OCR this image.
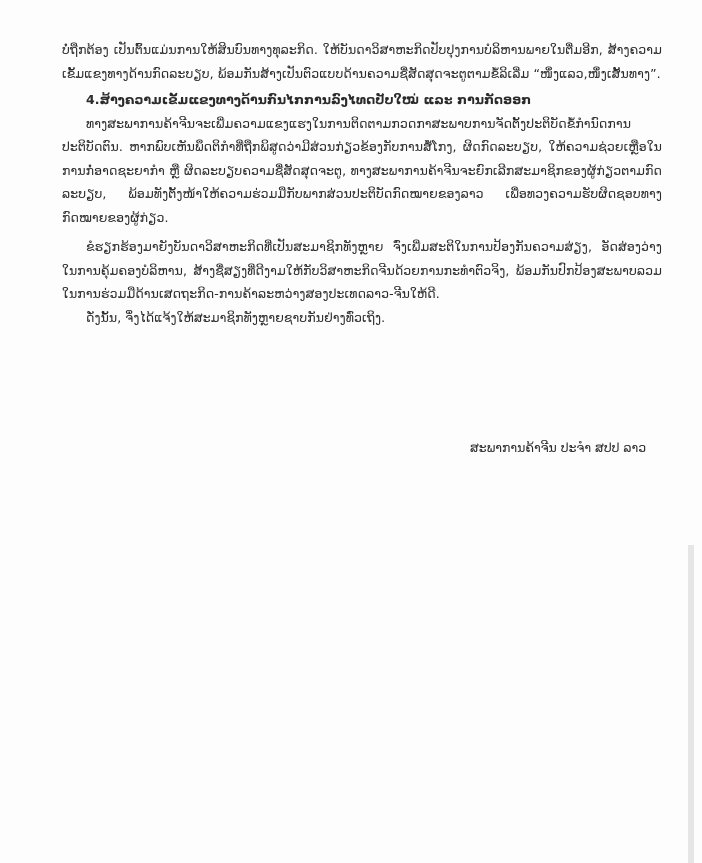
ບໍ່ຖືກຕ້ອງ ເປັນຕົ້ນແມ່ນການໃຫ້ສິນບົນທາງທຸລະກິດ. ໃຫ້ບັນດາວິສາຫະກິດປັບປຸງການບໍລິຫານພາຍໃນຕື່ມອີກ, ສ້າງຄວາມເຂັ້ມແຂງທາງດ້ານກົດລະບຽບ, ພ້ອມກັນສ້າງເປັນຕົວແບບດ້ານຄວາມຊື່ສັດສຸດຈະຕູຕາມຂໍ້ລິເລີ່ມ “ໜຶ່ງແລວ,ໜຶ່ງເສັ້ນທາງ”.

4.ສ້າງຄວາມເຂັ້ມແຂງທາງດ້ານກົນໄກການລົງໄທດປັບໃໝ່ ແລະ ການກັດອອກ

ທາງສະພາການຄ້າຈີນຈະເພີ່ມຄວາມແຂງແຮງໃນການຕິດຕາມກວດກາສະພາບການຈັດຕັ້ງປະຕິບັດຂໍ້ກຳນົດການປະຕິບັດຕົນ. ຫາກພົບເຫັນພຶດຕິກຳທີ່ຖືກພິສູດວ່າມີສ່ວນກ່ຽວຂ້ອງກັບການສໍ້ໂກງ, ຜິດກົດລະບຽບ, ໃຫ້ຄວາມຊ່ວຍເຫຼືອໃນການກໍ່ອາດຊະຍາກຳ ຫຼື ຜິດລະບຽບຄວາມຊື່ສັດສຸດຈະຕູ, ທາງສະພາການຄ້າຈີນຈະຍົກເລີກສະມາຊິກຂອງຜູ້ກ່ຽວຕາມກົດລະບຽບ, ພ້ອມທັງຕັ້ງໜ້າໃຫ້ຄວາມຮ່ວມມືກັບພາກສ່ວນປະຕິບັດກົດໝາຍຂອງລາວ ເພື່ອທວງຄວາມຮັບຜິດຊອບທາງກົດໝາຍຂອງຜູ້ກ່ຽວ.

ຂໍຮຽກຮ້ອງມາຍັງບັນດາວິສາຫະກິດທີ່ເປັນສະມາຊິກທັງຫຼາຍ ຈົ່ງເພີ່ມສະຕິໃນການປ້ອງກັນຄວາມສ່ຽງ, ອັດສ່ອງວ່າງໃນການຄຸ້ມຄອງບໍລິຫານ, ສ້າງຊື່ສຽງທີ່ດີງາມໃຫ້ກັບວິສາຫະກິດຈີນດ້ວຍການກະທຳຕົວຈິງ, ພ້ອມກັນປົກປ້ອງສະພາບລວມໃນການຮ່ວມມືດ້ານເສດຖະກິດ-ການຄ້າລະຫວ່າງສອງປະເທດລາວ-ຈີນໃຫ້ດີ.

ດັ່ງນັ້ນ, ຈຶ່ງໄດ້ແຈ້ງໃຫ້ສະມາຊິກທັງຫຼາຍຊາບກັນຢ່າງທົ່ວເຖິງ.

ສະພາການຄ້າຈີນ ປະຈຳ ສປປ ລາວ
